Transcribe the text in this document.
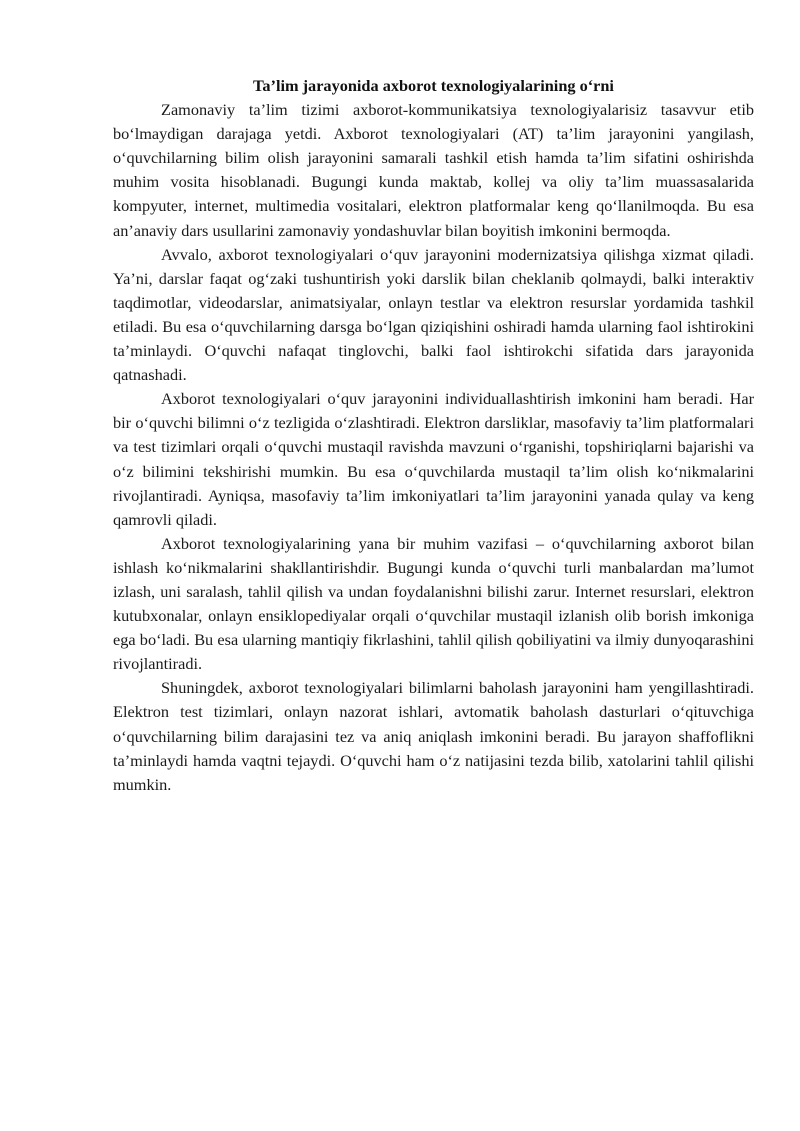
Ta’lim jarayonida axborot texnologiyalarining o‘rni

Zamonaviy ta’lim tizimi axborot-kommunikatsiya texnologiyalarisiz tasavvur etib bo‘lmaydigan darajaga yetdi. Axborot texnologiyalari (AT) ta’lim jarayonini yangilash, o‘quvchilarning bilim olish jarayonini samarali tashkil etish hamda ta’lim sifatini oshirishda muhim vosita hisoblanadi. Bugungi kunda maktab, kollej va oliy ta’lim muassasalarida kompyuter, internet, multimedia vositalari, elektron platformalar keng qo‘llanilmoqda. Bu esa an’anaviy dars usullarini zamonaviy yondashuvlar bilan boyitish imkonini bermoqda.

Avvalo, axborot texnologiyalari o‘quv jarayonini modernizatsiya qilishga xizmat qiladi. Ya’ni, darslar faqat og‘zaki tushuntirish yoki darslik bilan cheklanib qolmaydi, balki interaktiv taqdimotlar, videodarslar, animatsiyalar, onlayn testlar va elektron resurslar yordamida tashkil etiladi. Bu esa o‘quvchilarning darsga bo‘lgan qiziqishini oshiradi hamda ularning faol ishtirokini ta’minlaydi. O‘quvchi nafaqat tinglovchi, balki faol ishtirokchi sifatida dars jarayonida qatnashadi.

Axborot texnologiyalari o‘quv jarayonini individuallashtirish imkonini ham beradi. Har bir o‘quvchi bilimni o‘z tezligida o‘zlashtiradi. Elektron darsliklar, masofaviy ta’lim platformalari va test tizimlari orqali o‘quvchi mustaqil ravishda mavzuni o‘rganishi, topshiriqlarni bajarishi va o‘z bilimini tekshirishi mumkin. Bu esa o‘quvchilarda mustaqil ta’lim olish ko‘nikmalarini rivojlantiradi. Ayniqsa, masofaviy ta’lim imkoniyatlari ta’lim jarayonini yanada qulay va keng qamrovli qiladi.

Axborot texnologiyalarining yana bir muhim vazifasi – o‘quvchilarning axborot bilan ishlash ko‘nikmalarini shakllantirishdir. Bugungi kunda o‘quvchi turli manbalardan ma’lumot izlash, uni saralash, tahlil qilish va undan foydalanishni bilishi zarur. Internet resurslari, elektron kutubxonalar, onlayn ensiklopediyalar orqali o‘quvchilar mustaqil izlanish olib borish imkoniga ega bo‘ladi. Bu esa ularning mantiqiy fikrlashini, tahlil qilish qobiliyatini va ilmiy dunyoqarashini rivojlantiradi.

Shuningdek, axborot texnologiyalari bilimlarni baholash jarayonini ham yengillashtiradi. Elektron test tizimlari, onlayn nazorat ishlari, avtomatik baholash dasturlari o‘qituvchiga o‘quvchilarning bilim darajasini tez va aniq aniqlash imkonini beradi. Bu jarayon shaffoflikni ta’minlaydi hamda vaqtni tejaydi. O‘quvchi ham o‘z natijasini tezda bilib, xatolarini tahlil qilishi mumkin.
